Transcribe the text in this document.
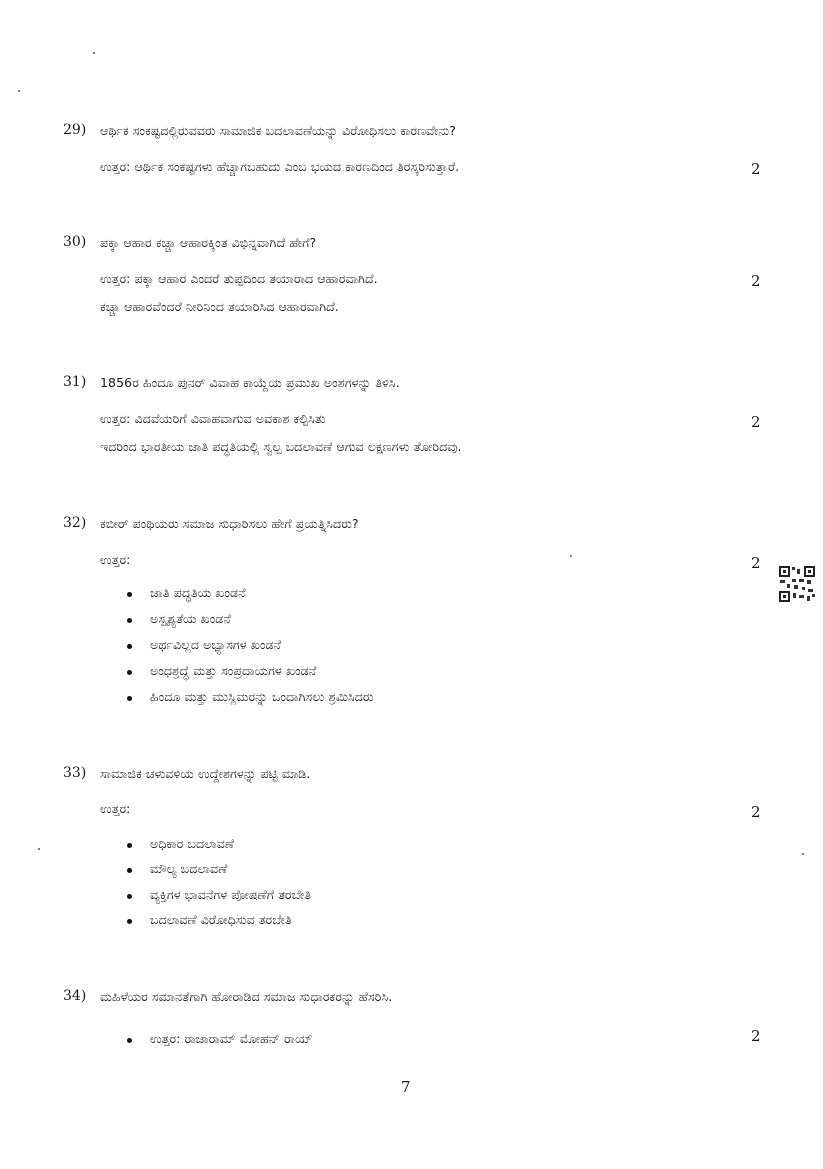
29) ಆರ್ಥಿಕ ಸಂಕಷ್ಟದಲ್ಲಿರುವವರು ಸಾಮಾಜಿಕ ಬದಲಾವಣೆಯನ್ನು ವಿರೋಧಿಸಲು ಕಾರಣವೇನು?
ಉತ್ತರ: ಆರ್ಥಿಕ ಸಂಕಷ್ಟಗಳು ಹೆಚ್ಚಾಗಬಹುದು ಎಂಬ ಭಯದ ಕಾರಣದಿಂದ ತಿರಸ್ಕರಿಸುತ್ತಾರೆ.	2
30) ಪಕ್ಕಾ ಆಹಾರ ಕಚ್ಚಾ ಆಹಾರಕ್ಕಿಂತ ವಿಭಿನ್ನವಾಗಿದೆ ಹೇಗೆ?
ಉತ್ತರ: ಪಕ್ಕಾ ಆಹಾರ ಎಂದರೆ ತುಪ್ಪದಿಂದ ತಯಾರಾದ ಆಹಾರವಾಗಿದೆ.
ಕಚ್ಚಾ ಆಹಾರವೆಂದರೆ ನೀರಿನಿಂದ ತಯಾರಿಸಿದ ಆಹಾರವಾಗಿದೆ.
2
31) 1856ರ ಹಿಂದೂ ಪುನರ್ ವಿವಾಹ ಕಾಯ್ದೆಯ ಪ್ರಮುಖ ಅಂಶಗಳನ್ನು ತಿಳಿಸಿ.
ಉತ್ತರ: ವಿದವೆಯರಿಗೆ ವಿವಾಹವಾಗುವ ಅವಕಾಶ ಕಲ್ಪಿಸಿತು
ಇದರಿಂದ ಭಾರತೀಯ ಜಾತಿ ಪದ್ಧತಿಯಲ್ಲಿ ಸ್ವಲ್ಪ ಬದಲಾವಣೆ ಆಗುವ ಲಕ್ಷಣಗಳು ತೋರಿದವು.
2
32) ಕಬೀರ್ ಪಂಥಿಯರು ಸಮಾಜ ಸುಧಾರಿಸಲು ಹೇಗೆ ಪ್ರಯತ್ನಿಸಿದರು?
ಉತ್ತರ:	2
ಜಾತಿ ಪದ್ಧತಿಯ ಖಂಡನೆ
ಅಸ್ಪೃಶ್ಯತೆಯ ಖಂಡನೆ
ಅರ್ಥವಿಲ್ಲದ ಅಭ್ಯಾಸಗಳ ಖಂಡನೆ
ಅಂಧಶ್ರದ್ಧೆ ಮತ್ತು ಸಂಪ್ರದಾಯಗಳ ಖಂಡನೆ
ಹಿಂದೂ ಮತ್ತು ಮುಸ್ಲಿಮರನ್ನು ಒಂದಾಗಿಸಲು ಶ್ರಮಿಸಿದರು
33) ಸಾಮಾಜಿಕ ಚಳುವಳಿಯ ಉದ್ದೇಶಗಳನ್ನು ಪಟ್ಟಿ ಮಾಡಿ.
ಉತ್ತರ:	2
ಅಧಿಕಾರ ಬದಲಾವಣೆ
ಮೌಲ್ಯ ಬದಲಾವಣೆ
ವ್ಯಕ್ತಿಗಳ ಭಾವನೆಗಳ ಪೋಷಣೆಗೆ ತರಬೇತಿ
ಬದಲಾವಣೆ ವಿರೋಧಿಸುವ ತರಬೇತಿ
34) ಮಹಿಳೆಯರ ಸಮಾನತೆಗಾಗಿ ಹೋರಾಡಿದ ಸಮಾಜ ಸುಧಾರಕರನ್ನು ಹೆಸರಿಸಿ.
ಉತ್ತರ: ರಾಜಾರಾಮ್ ಮೋಹನ್ ರಾಯ್	2
7
